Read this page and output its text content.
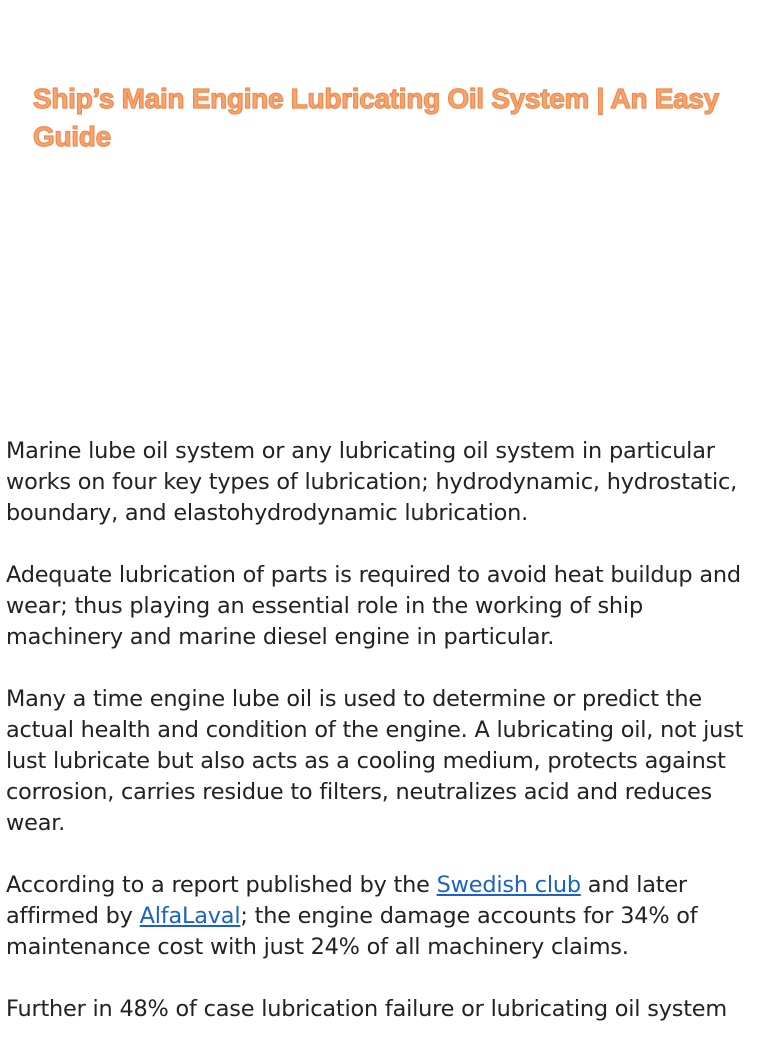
Ship’s Main Engine Lubricating Oil System | An Easy Guide

Marine lube oil system or any lubricating oil system in particular works on four key types of lubrication; hydrodynamic, hydrostatic, boundary, and elastohydrodynamic lubrication.

Adequate lubrication of parts is required to avoid heat buildup and wear; thus playing an essential role in the working of ship machinery and marine diesel engine in particular.

Many a time engine lube oil is used to determine or predict the actual health and condition of the engine. A lubricating oil, not just lust lubricate but also acts as a cooling medium, protects against corrosion, carries residue to filters, neutralizes acid and reduces wear.

According to a report published by the Swedish club and later affirmed by AlfaLaval; the engine damage accounts for 34% of maintenance cost with just 24% of all machinery claims.

Further in 48% of case lubrication failure or lubricating oil system
